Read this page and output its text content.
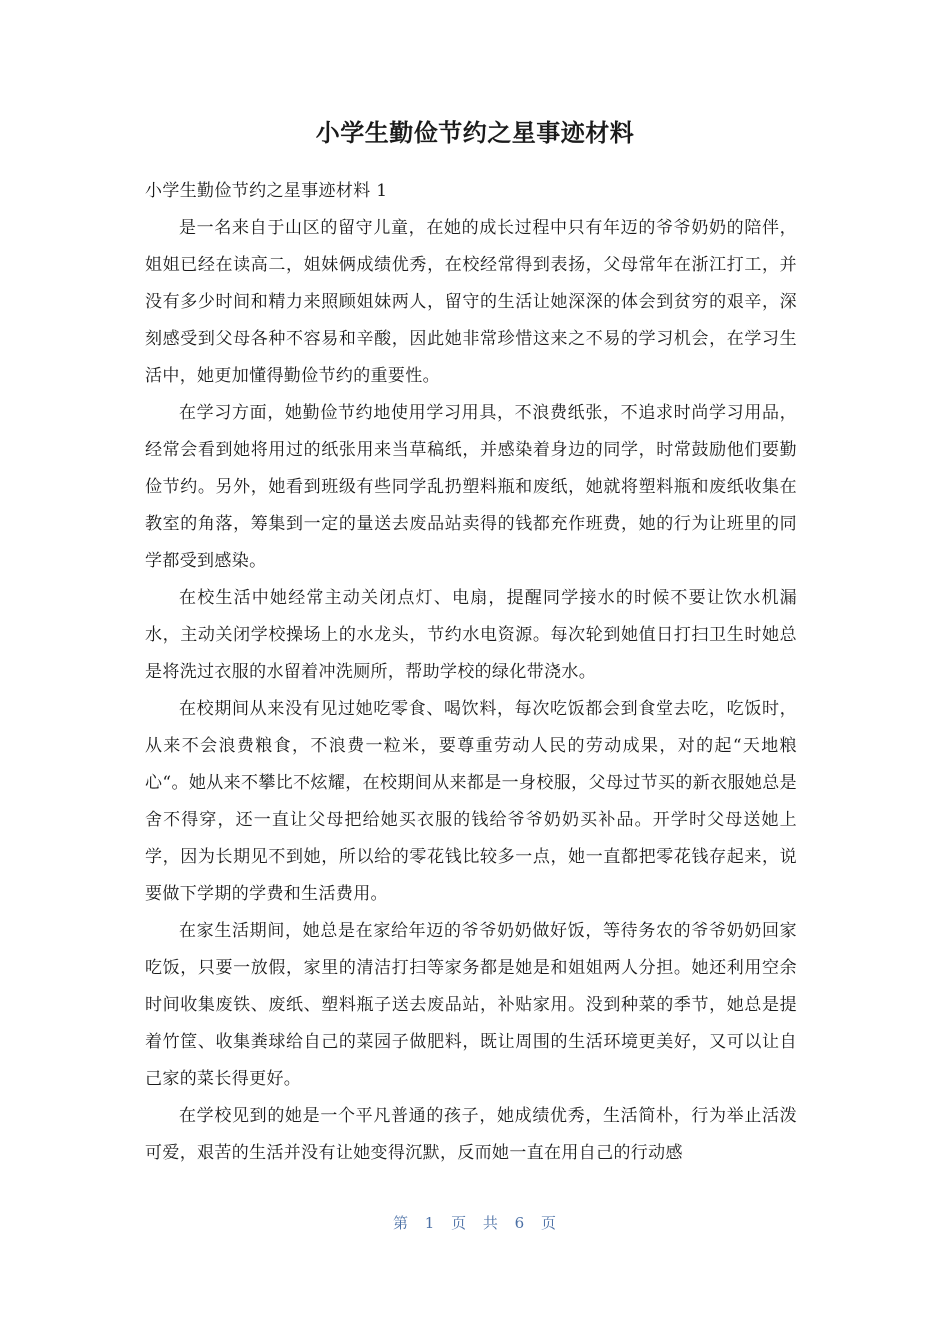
小学生勤俭节约之星事迹材料
小学生勤俭节约之星事迹材料 1

是一名来自于山区的留守儿童，在她的成长过程中只有年迈的爷爷奶奶的陪伴，姐姐已经在读高二，姐妹俩成绩优秀，在校经常得到表扬，父母常年在浙江打工，并没有多少时间和精力来照顾姐妹两人，留守的生活让她深深的体会到贫穷的艰辛，深刻感受到父母各种不容易和辛酸，因此她非常珍惜这来之不易的学习机会，在学习生活中，她更加懂得勤俭节约的重要性。

在学习方面，她勤俭节约地使用学习用具，不浪费纸张，不追求时尚学习用品，经常会看到她将用过的纸张用来当草稿纸，并感染着身边的同学，时常鼓励他们要勤俭节约。另外，她看到班级有些同学乱扔塑料瓶和废纸，她就将塑料瓶和废纸收集在教室的角落，筹集到一定的量送去废品站卖得的钱都充作班费，她的行为让班里的同学都受到感染。

在校生活中她经常主动关闭点灯、电扇，提醒同学接水的时候不要让饮水机漏水，主动关闭学校操场上的水龙头，节约水电资源。每次轮到她值日打扫卫生时她总是将洗过衣服的水留着冲洗厕所，帮助学校的绿化带浇水。

在校期间从来没有见过她吃零食、喝饮料，每次吃饭都会到食堂去吃，吃饭时，从来不会浪费粮食，不浪费一粒米，要尊重劳动人民的劳动成果，对的起“天地粮心“。她从来不攀比不炫耀，在校期间从来都是一身校服，父母过节买的新衣服她总是舍不得穿，还一直让父母把给她买衣服的钱给爷爷奶奶买补品。开学时父母送她上学，因为长期见不到她，所以给的零花钱比较多一点，她一直都把零花钱存起来，说要做下学期的学费和生活费用。

在家生活期间，她总是在家给年迈的爷爷奶奶做好饭，等待务农的爷爷奶奶回家吃饭，只要一放假，家里的清洁打扫等家务都是她是和姐姐两人分担。她还利用空余时间收集废铁、废纸、塑料瓶子送去废品站，补贴家用。没到种菜的季节，她总是提着竹筐、收集粪球给自己的菜园子做肥料，既让周围的生活环境更美好，又可以让自己家的菜长得更好。

在学校见到的她是一个平凡普通的孩子，她成绩优秀，生活简朴，行为举止活泼可爱，艰苦的生活并没有让她变得沉默，反而她一直在用自己的行动感

第 1 页 共 6 页
